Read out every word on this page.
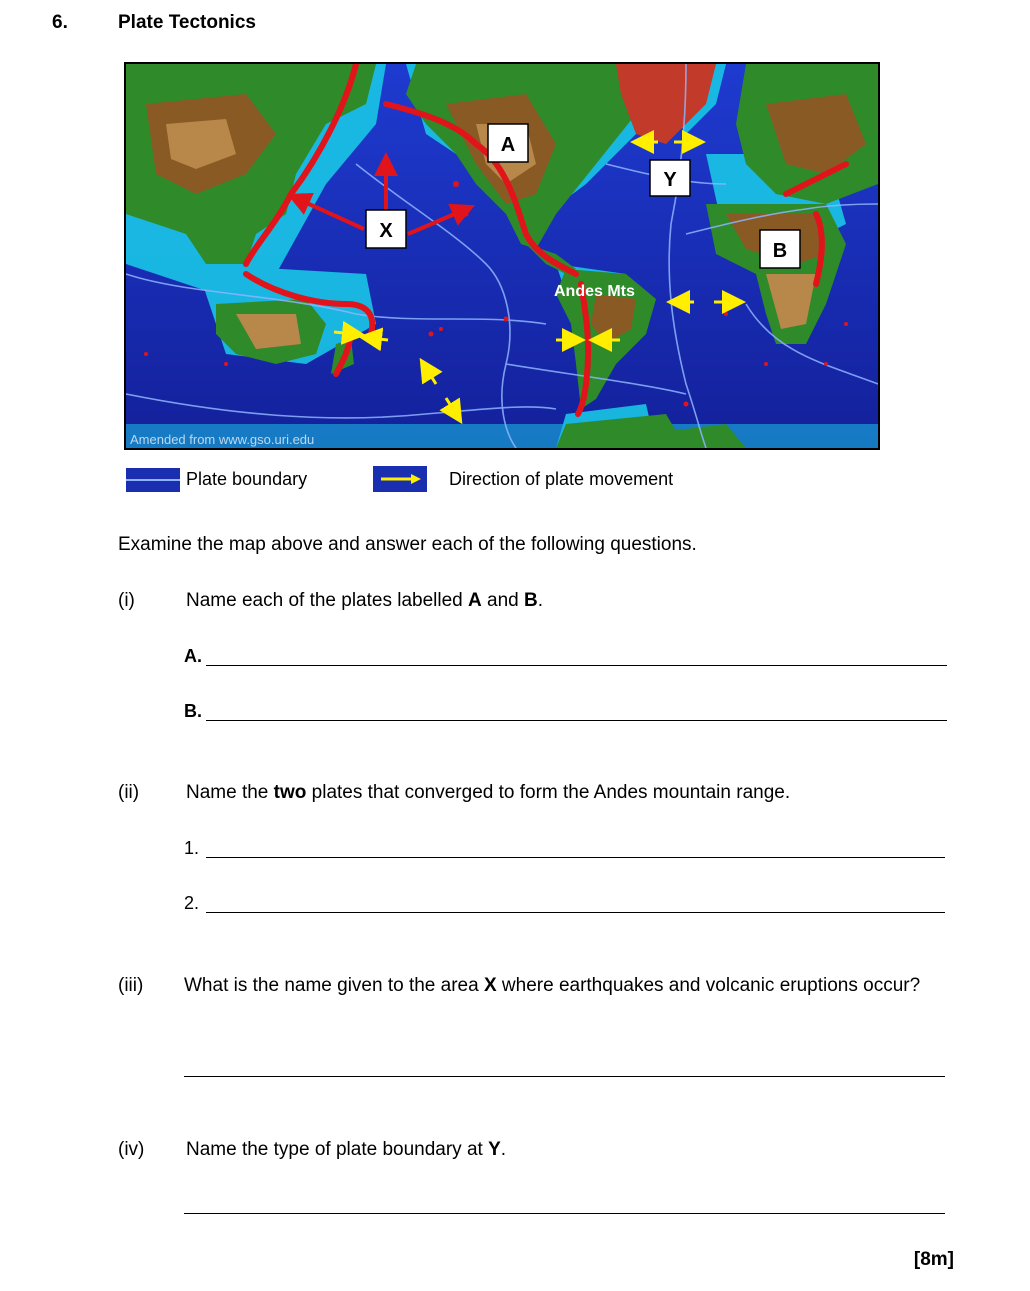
6.	Plate Tectonics
A
Y
X
B
Andes Mts
Amended from www.gso.uri.edu
Plate boundary	Direction of plate movement
Examine the map above and answer each of the following questions.
(i)	Name each of the plates labelled A and B.
A.
B.
(ii) Name the two plates that converged to form the Andes mountain range.
1.
2.
(iii) What is the name given to the area X where earthquakes and volcanic eruptions occur?
(iv) Name the type of plate boundary at Y.
[8m]
